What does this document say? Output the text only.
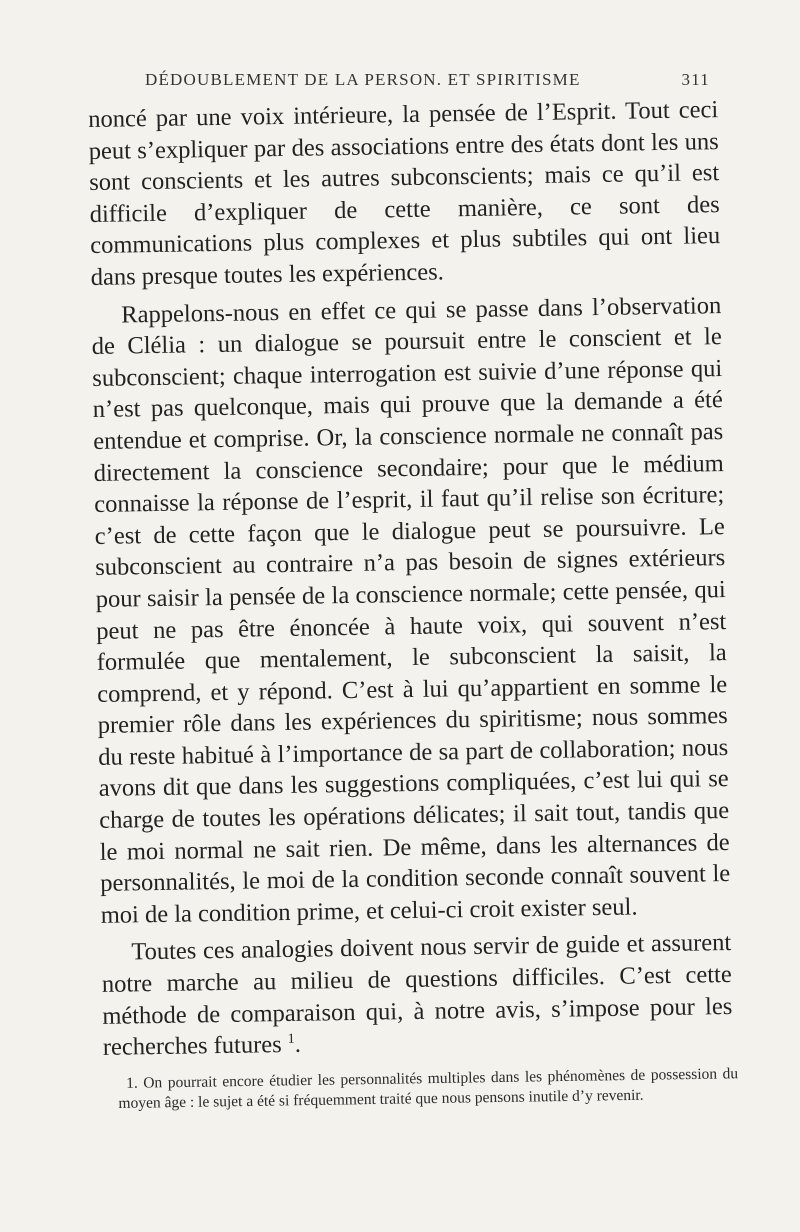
DÉDOUBLEMENT DE LA PERSON. ET SPIRITISME	311

noncé par une voix intérieure, la pensée de l’Esprit. Tout ceci peut s’expliquer par des associations entre des états dont les uns sont conscients et les autres subconscients; mais ce qu’il est difficile d’expliquer de cette manière, ce sont des communications plus complexes et plus subtiles qui ont lieu dans presque toutes les expériences.

Rappelons-nous en effet ce qui se passe dans l’observation de Clélia : un dialogue se poursuit entre le conscient et le subconscient; chaque interrogation est suivie d’une réponse qui n’est pas quelconque, mais qui prouve que la demande a été entendue et comprise. Or, la conscience normale ne connaît pas directement la conscience secondaire; pour que le médium connaisse la réponse de l’esprit, il faut qu’il relise son écriture; c’est de cette façon que le dialogue peut se poursuivre. Le subconscient au contraire n’a pas besoin de signes extérieurs pour saisir la pensée de la conscience normale; cette pensée, qui peut ne pas être énoncée à haute voix, qui souvent n’est formulée que mentalement, le subconscient la saisit, la comprend, et y répond. C’est à lui qu’appartient en somme le premier rôle dans les expériences du spiritisme; nous sommes du reste habitué à l’importance de sa part de collaboration; nous avons dit que dans les suggestions compliquées, c’est lui qui se charge de toutes les opérations délicates; il sait tout, tandis que le moi normal ne sait rien. De même, dans les alternances de personnalités, le moi de la condition seconde connaît souvent le moi de la condition prime, et celui-ci croit exister seul.

Toutes ces analogies doivent nous servir de guide et assurent notre marche au milieu de questions difficiles. C’est cette méthode de comparaison qui, à notre avis, s’impose pour les recherches futures $^1$.

1. On pourrait encore étudier les personnalités multiples dans les phénomènes de possession du moyen âge : le sujet a été si fréquemment traité que nous pensons inutile d’y revenir.
